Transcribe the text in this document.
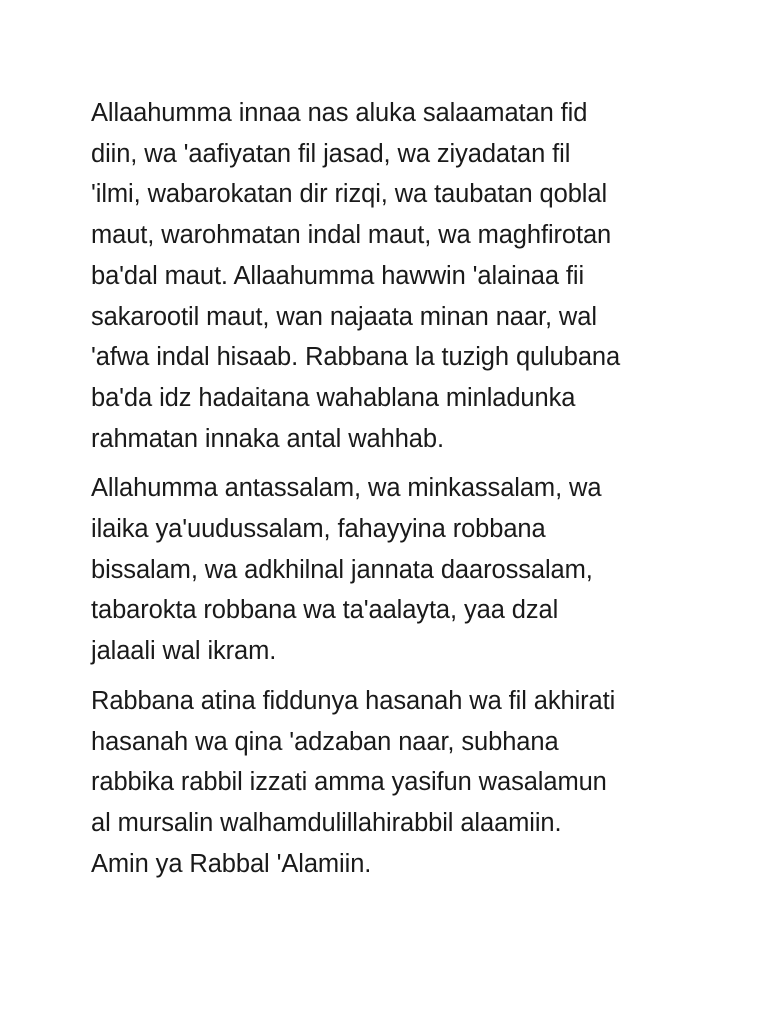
Allaahumma innaa nas aluka salaamatan fid
diin, wa 'aafiyatan fil jasad, wa ziyadatan fil
'ilmi, wabarokatan dir rizqi, wa taubatan qoblal
maut, warohmatan indal maut, wa maghfirotan
ba'dal maut. Allaahumma hawwin 'alainaa fii
sakarootil maut, wan najaata minan naar, wal
'afwa indal hisaab. Rabbana la tuzigh qulubana
ba'da idz hadaitana wahablana minladunka
rahmatan innaka antal wahhab.

Allahumma antassalam, wa minkassalam, wa
ilaika ya'uudussalam, fahayyina robbana
bissalam, wa adkhilnal jannata daarossalam,
tabarokta robbana wa ta'aalayta, yaa dzal
jalaali wal ikram.

Rabbana atina fiddunya hasanah wa fil akhirati
hasanah wa qina 'adzaban naar, subhana
rabbika rabbil izzati amma yasifun wasalamun
al mursalin walhamdulillahirabbil alaamiin.
Amin ya Rabbal 'Alamiin.
